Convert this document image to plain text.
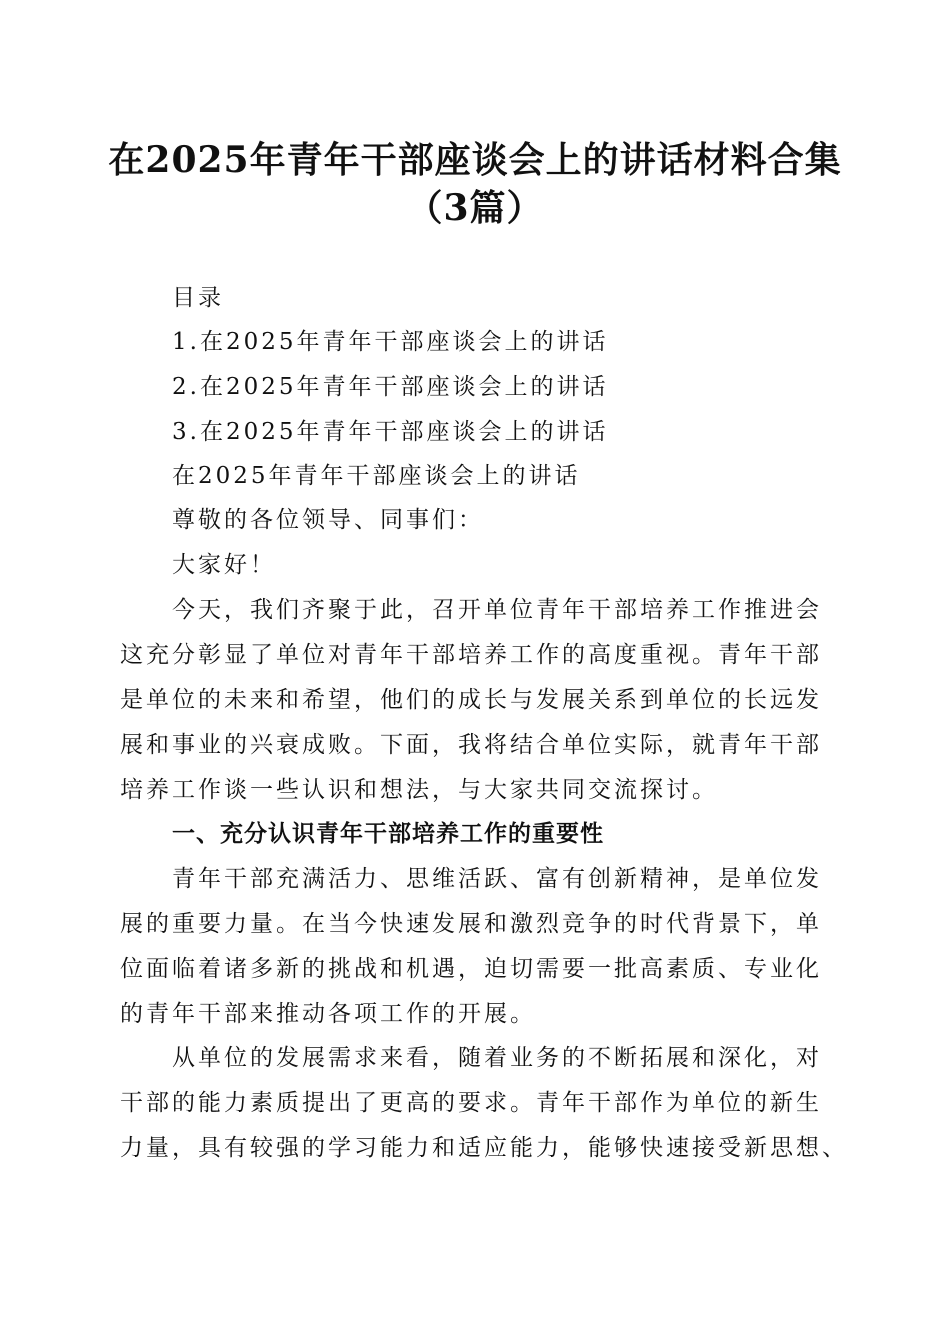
在2025年青年干部座谈会上的讲话材料合集
（3篇）

目录

1.在2025年青年干部座谈会上的讲话

2.在2025年青年干部座谈会上的讲话

3.在2025年青年干部座谈会上的讲话

在2025年青年干部座谈会上的讲话

尊敬的各位领导、同事们：

大家好！

今天，我们齐聚于此，召开单位青年干部培养工作推进会

这充分彰显了单位对青年干部培养工作的高度重视。青年干部

是单位的未来和希望，他们的成长与发展关系到单位的长远发

展和事业的兴衰成败。下面，我将结合单位实际，就青年干部

培养工作谈一些认识和想法，与大家共同交流探讨。

一、充分认识青年干部培养工作的重要性

青年干部充满活力、思维活跃、富有创新精神，是单位发

展的重要力量。在当今快速发展和激烈竞争的时代背景下，单

位面临着诸多新的挑战和机遇，迫切需要一批高素质、专业化

的青年干部来推动各项工作的开展。

从单位的发展需求来看，随着业务的不断拓展和深化，对

干部的能力素质提出了更高的要求。青年干部作为单位的新生

力量，具有较强的学习能力和适应能力，能够快速接受新思想、
